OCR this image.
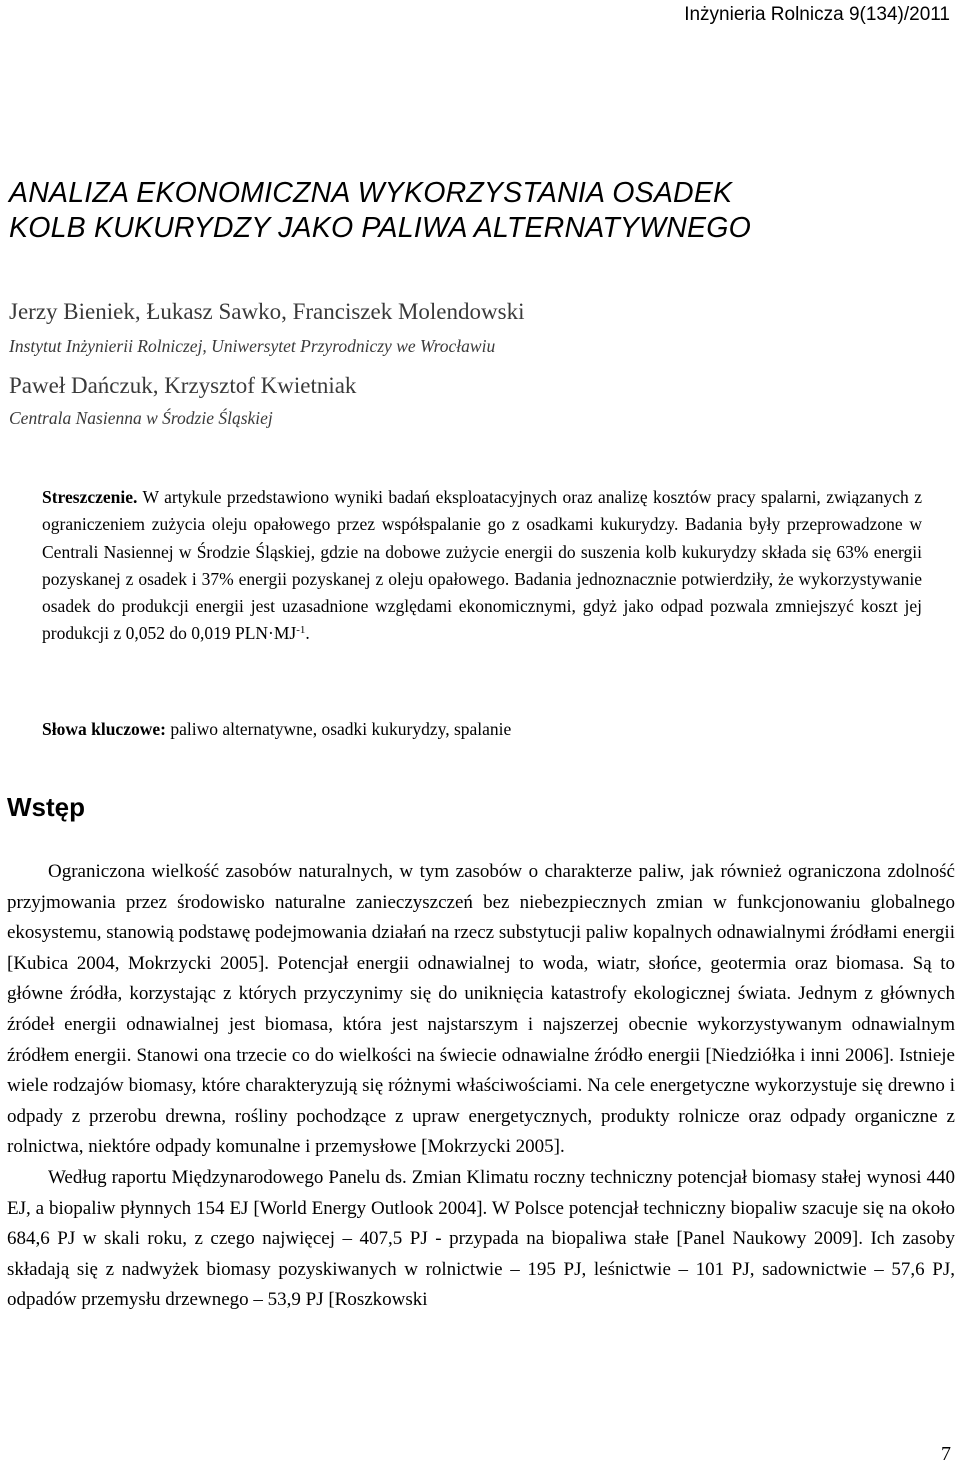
Inżynieria Rolnicza 9(134)/2011
ANALIZA EKONOMICZNA WYKORZYSTANIA OSADEK
KOLB KUKURYDZY JAKO PALIWA ALTERNATYWNEGO
Jerzy Bieniek, Łukasz Sawko, Franciszek Molendowski
Instytut Inżynierii Rolniczej, Uniwersytet Przyrodniczy we Wrocławiu
Paweł Dańczuk, Krzysztof Kwietniak
Centrala Nasienna w Środzie Śląskiej
Streszczenie. W artykule przedstawiono wyniki badań eksploatacyjnych oraz analizę kosztów pracy spalarni, związanych z ograniczeniem zużycia oleju opałowego przez współspalanie go z osadkami kukurydzy. Badania były przeprowadzone w Centrali Nasiennej w Środzie Śląskiej, gdzie na dobowe zużycie energii do suszenia kolb kukurydzy składa się 63% energii pozyskanej z osadek i 37% energii pozyskanej z oleju opałowego. Badania jednoznacznie potwierdziły, że wykorzystywanie osadek do produkcji energii jest uzasadnione względami ekonomicznymi, gdyż jako odpad pozwala zmniejszyć koszt jej produkcji z 0,052 do 0,019 $PLN\cdot MJ^{-1}$.
Słowa kluczowe: paliwo alternatywne, osadki kukurydzy, spalanie
Wstęp

Ograniczona wielkość zasobów naturalnych, w tym zasobów o charakterze paliw, jak również ograniczona zdolność przyjmowania przez środowisko naturalne zanieczyszczeń bez niebezpiecznych zmian w funkcjonowaniu globalnego ekosystemu, stanowią podstawę podejmowania działań na rzecz substytucji paliw kopalnych odnawialnymi źródłami energii [Kubica 2004, Mokrzycki 2005]. Potencjał energii odnawialnej to woda, wiatr, słońce, geotermia oraz biomasa. Są to główne źródła, korzystając z których przyczynimy się do uniknięcia katastrofy ekologicznej świata. Jednym z głównych źródeł energii odnawialnej jest biomasa, która jest najstarszym i najszerzej obecnie wykorzystywanym odnawialnym źródłem energii. Stanowi ona trzecie co do wielkości na świecie odnawialne źródło energii [Niedziółka i inni 2006]. Istnieje wiele rodzajów biomasy, które charakteryzują się różnymi właściwościami. Na cele energetyczne wykorzystuje się drewno i odpady z przerobu drewna, rośliny pochodzące z upraw energetycznych, produkty rolnicze oraz odpady organiczne z rolnictwa, niektóre odpady komunalne i przemysłowe [Mokrzycki 2005].

Według raportu Międzynarodowego Panelu ds. Zmian Klimatu roczny techniczny potencjał biomasy stałej wynosi 440 EJ, a biopaliw płynnych 154 EJ [World Energy Outlook 2004]. W Polsce potencjał techniczny biopaliw szacuje się na około 684,6 PJ w skali roku, z czego najwięcej – 407,5 PJ - przypada na biopaliwa stałe [Panel Naukowy 2009]. Ich zasoby składają się z nadwyżek biomasy pozyskiwanych w rolnictwie – 195 PJ, leśnictwie – 101 PJ, sadownictwie – 57,6 PJ, odpadów przemysłu drzewnego – 53,9 PJ [Roszkowski

7
